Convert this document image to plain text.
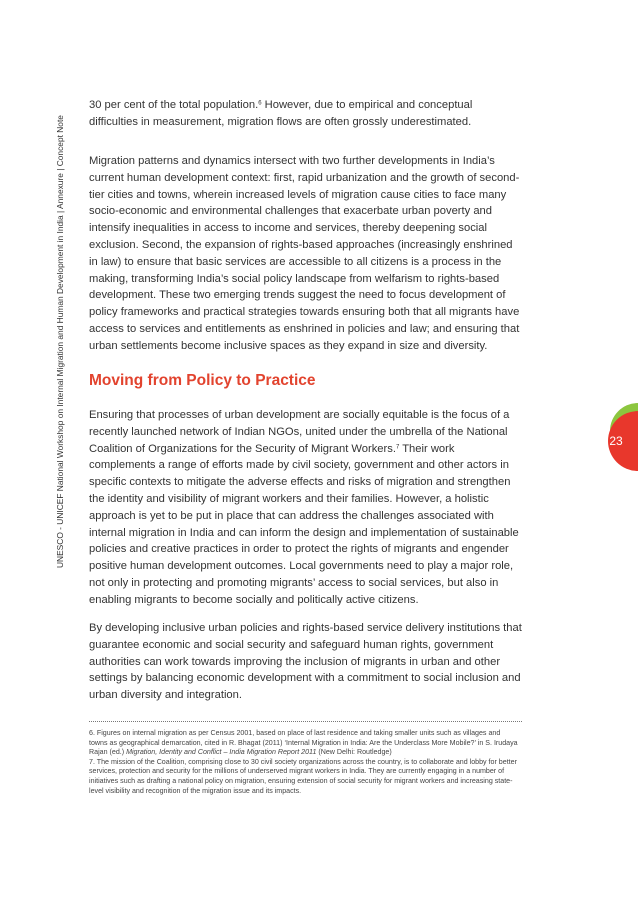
UNESCO - UNICEF National Workshop on Internal Migration and Human Development in India | Annexure | Concept Note

30 per cent of the total population.$^6$ However, due to empirical and conceptual difficulties in measurement, migration flows are often grossly underestimated.

Migration patterns and dynamics intersect with two further developments in India’s current human development context: first, rapid urbanization and the growth of second-tier cities and towns, wherein increased levels of migration cause cities to face many socio-economic and environmental challenges that exacerbate urban poverty and intensify inequalities in access to income and services, thereby deepening social exclusion. Second, the expansion of rights-based approaches (increasingly enshrined in law) to ensure that basic services are accessible to all citizens is a process in the making, transforming India’s social policy landscape from welfarism to rights-based development. These two emerging trends suggest the need to focus development of policy frameworks and practical strategies towards ensuring both that all migrants have access to services and entitlements as enshrined in policies and law; and ensuring that urban settlements become inclusive spaces as they expand in size and diversity.

Moving from Policy to Practice

Ensuring that processes of urban development are socially equitable is the focus of a recently launched network of Indian NGOs, united under the umbrella of the National Coalition of Organizations for the Security of Migrant Workers.$^7$ Their work complements a range of efforts made by civil society, government and other actors in specific contexts to mitigate the adverse effects and risks of migration and strengthen the identity and visibility of migrant workers and their families. However, a holistic approach is yet to be put in place that can address the challenges associated with internal migration in India and can inform the design and implementation of sustainable policies and creative practices in order to protect the rights of migrants and engender positive human development outcomes. Local governments need to play a major role, not only in protecting and promoting migrants’ access to social services, but also in enabling migrants to become socially and politically active citizens.

By developing inclusive urban policies and rights-based service delivery institutions that guarantee economic and social security and safeguard human rights, government authorities can work towards improving the inclusion of migrants in urban and other settings by balancing economic development with a commitment to social inclusion and urban diversity and integration.

6. Figures on internal migration as per Census 2001, based on place of last residence and taking smaller units such as villages and towns as geographical demarcation, cited in R. Bhagat (2011) ‘Internal Migration in India: Are the Underclass More Mobile?’ in S. Irudaya Rajan (ed.) Migration, Identity and Conflict – India Migration Report 2011 (New Delhi: Routledge)

7. The mission of the Coalition, comprising close to 30 civil society organizations across the country, is to collaborate and lobby for better services, protection and security for the millions of underserved migrant workers in India. They are currently engaging in a number of initiatives such as drafting a national policy on migration, ensuring extension of social security for migrant workers and increasing state-level visibility and recognition of the migration issue and its impacts.

23
